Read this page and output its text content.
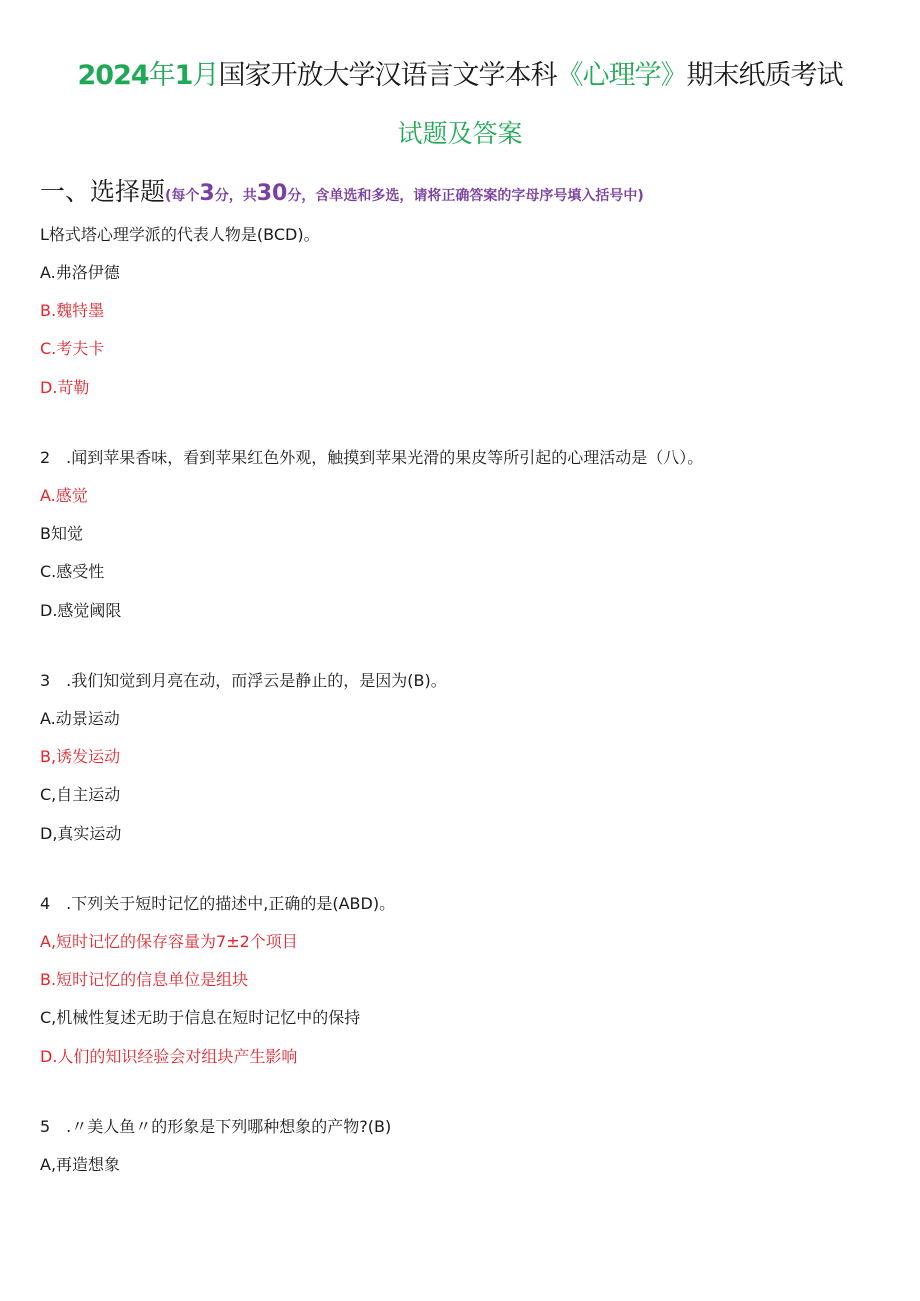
2024年1月国家开放大学汉语言文学本科《心理学》期末纸质考试
试题及答案
一、选择题(每个3分，共30分，含单选和多选，请将正确答案的字母序号填入括号中)
L格式塔心理学派的代表人物是(BCD)。
A.弗洛伊德
B.魏特墨
C.考夫卡
D.苛勒
2　.闻到苹果香味，看到苹果红色外观，触摸到苹果光滑的果皮等所引起的心理活动是（八）。
A.感觉
B知觉
C.感受性
D.感觉阈限
3　.我们知觉到月亮在动，而浮云是静止的，是因为(B)。
A.动景运动
B,诱发运动
C,自主运动
D,真实运动
4　.下列关于短时记忆的描述中,正确的是(ABD)。
A,短时记忆的保存容量为7±2个项目
B.短时记忆的信息单位是组块
C,机械性复述无助于信息在短时记忆中的保持
D.人们的知识经验会对组块产生影响
5　.〃美人鱼〃的形象是下列哪种想象的产物?(B)
A,再造想象
